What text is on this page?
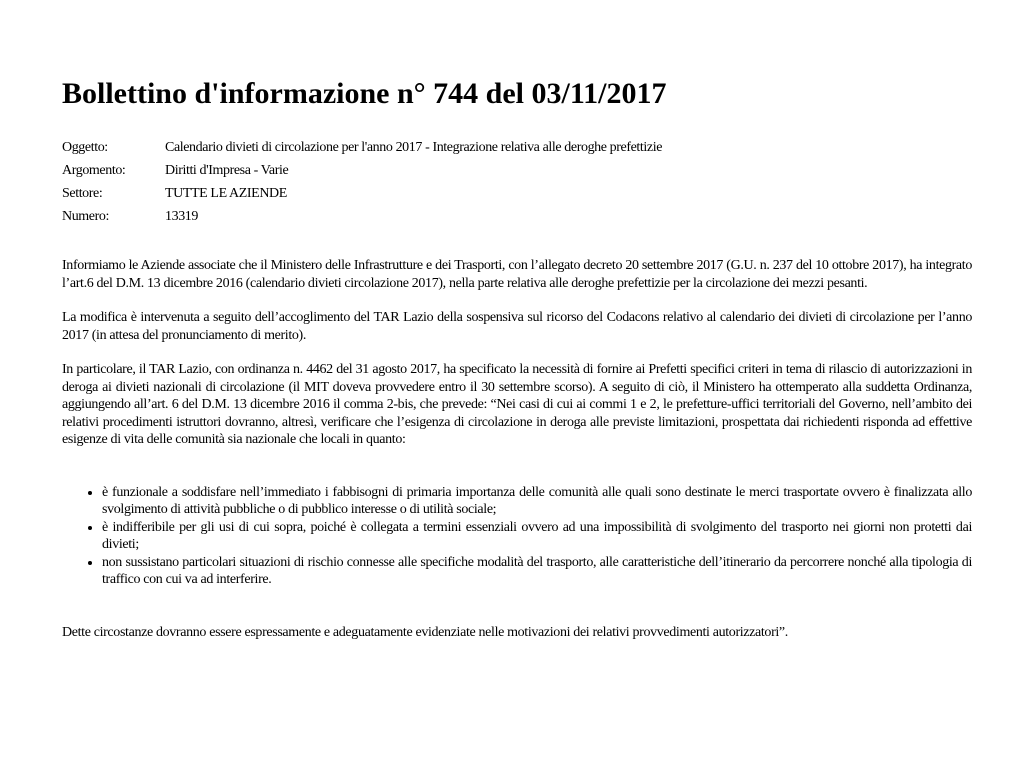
Bollettino d'informazione n° 744 del 03/11/2017
Oggetto:	Calendario divieti di circolazione per l'anno 2017 - Integrazione relativa alle deroghe prefettizie
Argomento:	Diritti d'Impresa - Varie
Settore:	TUTTE LE AZIENDE
Numero:	13319

Informiamo le Aziende associate che il Ministero delle Infrastrutture e dei Trasporti, con l’allegato decreto 20 settembre 2017 (G.U. n. 237 del 10 ottobre 2017), ha integrato l’art.6 del D.M. 13 dicembre 2016 (calendario divieti circolazione 2017), nella parte relativa alle deroghe prefettizie per la circolazione dei mezzi pesanti.

La modifica è intervenuta a seguito dell’accoglimento del TAR Lazio della sospensiva sul ricorso del Codacons relativo al calendario dei divieti di circolazione per l’anno 2017 (in attesa del pronunciamento di merito).

In particolare, il TAR Lazio, con ordinanza n. 4462 del 31 agosto 2017, ha specificato la necessità di fornire ai Prefetti specifici criteri in tema di rilascio di autorizzazioni in deroga ai divieti nazionali di circolazione (il MIT doveva provvedere entro il 30 settembre scorso). A seguito di ciò, il Ministero ha ottemperato alla suddetta Ordinanza, aggiungendo all’art. 6 del D.M. 13 dicembre 2016 il comma 2-bis, che prevede: “Nei casi di cui ai commi 1 e 2, le prefetture-uffici territoriali del Governo, nell’ambito dei relativi procedimenti istruttori dovranno, altresì, verificare che l’esigenza di circolazione in deroga alle previste limitazioni, prospettata dai richiedenti risponda ad effettive esigenze di vita delle comunità sia nazionale che locali in quanto:

• è funzionale a soddisfare nell’immediato i fabbisogni di primaria importanza delle comunità alle quali sono destinate le merci trasportate ovvero è finalizzata allo svolgimento di attività pubbliche o di pubblico interesse o di utilità sociale;
• è indifferibile per gli usi di cui sopra, poiché è collegata a termini essenziali ovvero ad una impossibilità di svolgimento del trasporto nei giorni non protetti dai divieti;
• non sussistano particolari situazioni di rischio connesse alle specifiche modalità del trasporto, alle caratteristiche dell’itinerario da percorrere nonché alla tipologia di traffico con cui va ad interferire.

Dette circostanze dovranno essere espressamente e adeguatamente evidenziate nelle motivazioni dei relativi provvedimenti autorizzatori”.
